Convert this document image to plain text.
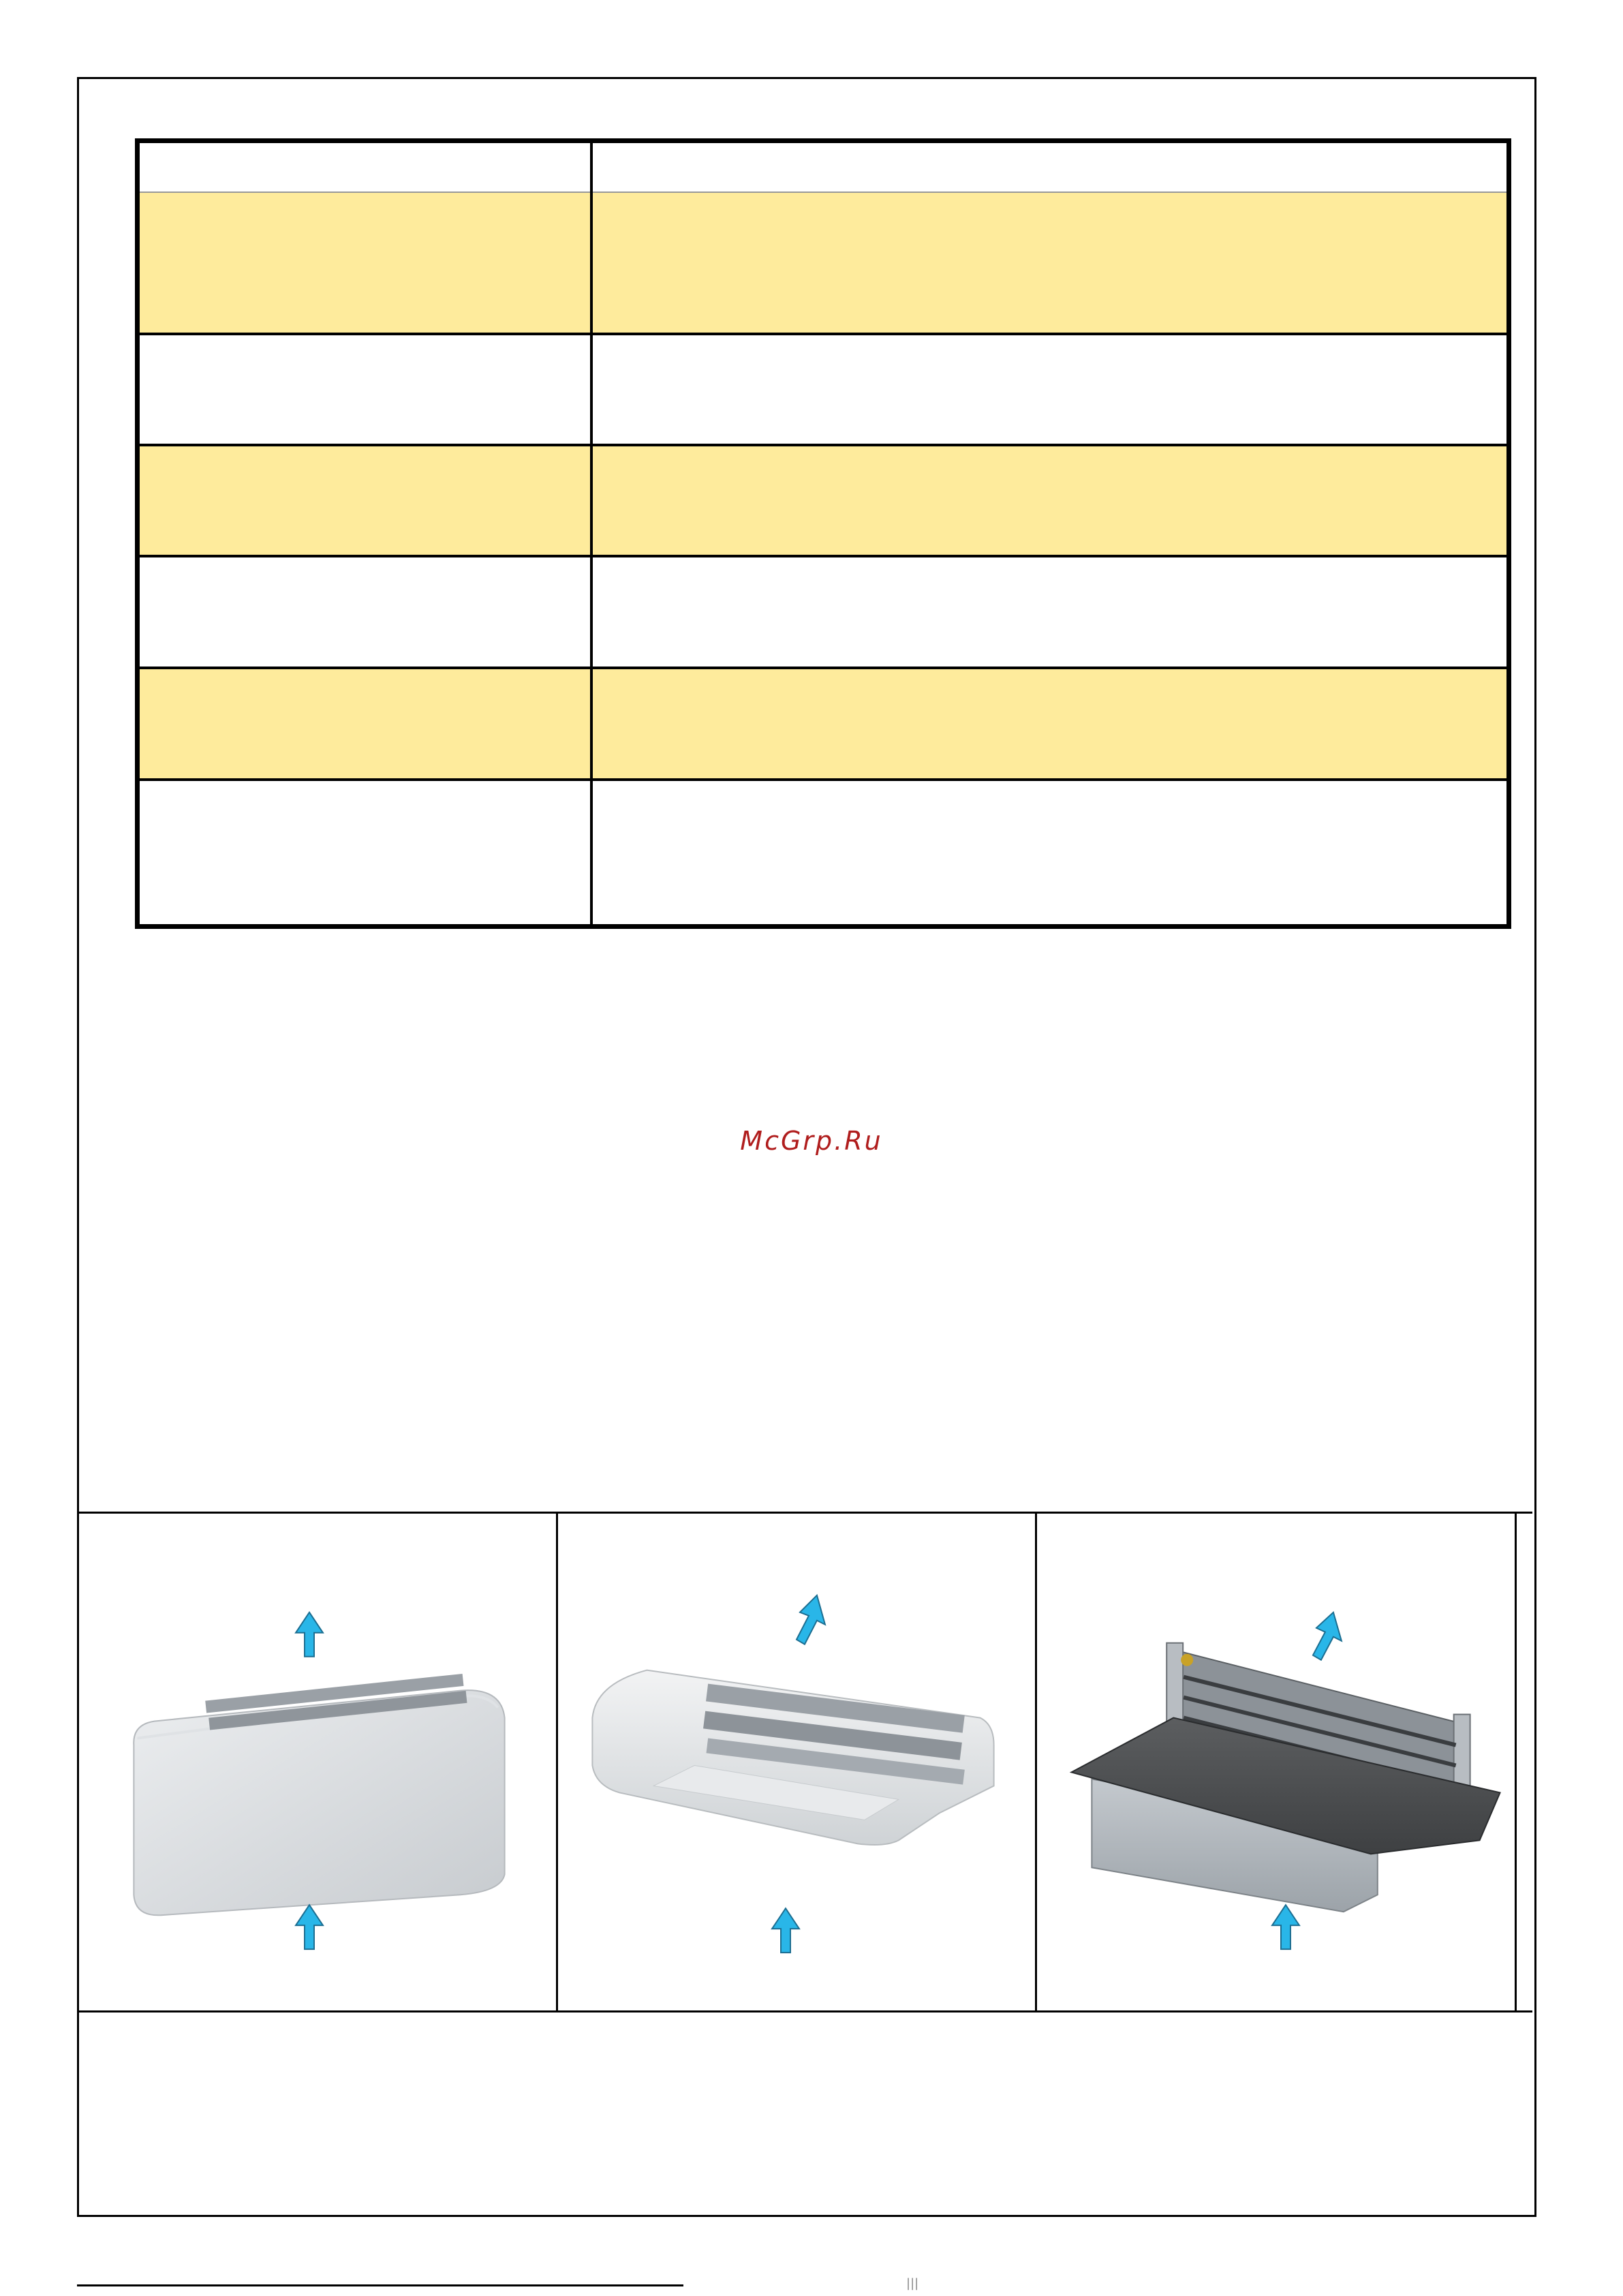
McGrp.Ru
|||
